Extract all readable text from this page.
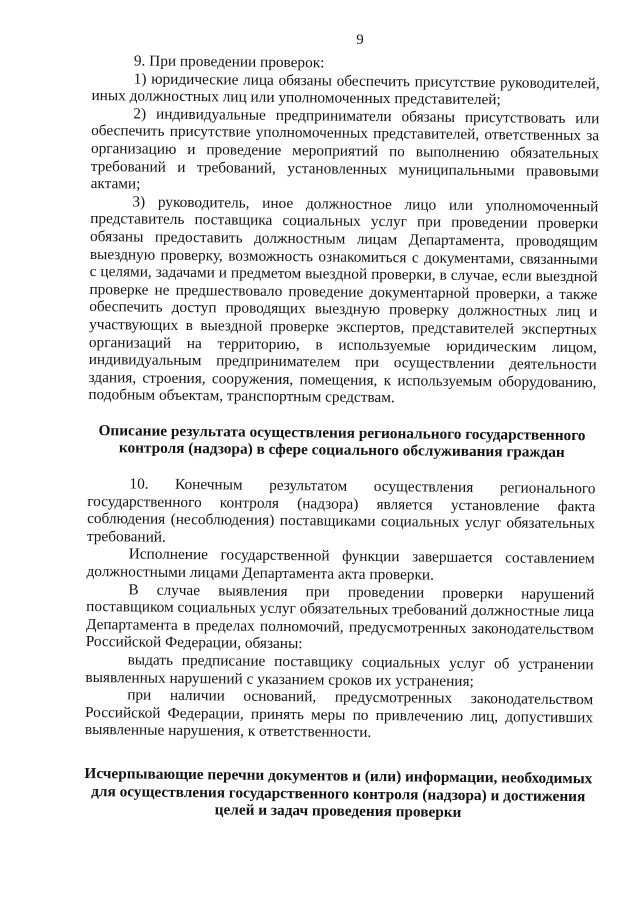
9

9. При проведении проверок:

1) юридические лица обязаны обеспечить присутствие руководителей, иных должностных лиц или уполномоченных представителей;

2) индивидуальные предприниматели обязаны присутствовать или обеспечить присутствие уполномоченных представителей, ответственных за организацию и проведение мероприятий по выполнению обязательных требований и требований, установленных муниципальными правовыми актами;

3) руководитель, иное должностное лицо или уполномоченный представитель поставщика социальных услуг при проведении проверки обязаны предоставить должностным лицам Департамента, проводящим выездную проверку, возможность ознакомиться с документами, связанными с целями, задачами и предметом выездной проверки, в случае, если выездной проверке не предшествовало проведение документарной проверки, а также обеспечить доступ проводящих выездную проверку должностных лиц и участвующих в выездной проверке экспертов, представителей экспертных организаций на территорию, в используемые юридическим лицом, индивидуальным предпринимателем при осуществлении деятельности здания, строения, сооружения, помещения, к используемым оборудованию, подобным объектам, транспортным средствам.

Описание результата осуществления регионального государственного контроля (надзора) в сфере социального обслуживания граждан

10. Конечным результатом осуществления регионального государственного контроля (надзора) является установление факта соблюдения (несоблюдения) поставщиками социальных услуг обязательных требований.

Исполнение государственной функции завершается составлением должностными лицами Департамента акта проверки.

В случае выявления при проведении проверки нарушений поставщиком социальных услуг обязательных требований должностные лица Департамента в пределах полномочий, предусмотренных законодательством Российской Федерации, обязаны:

выдать предписание поставщику социальных услуг об устранении выявленных нарушений с указанием сроков их устранения;

при наличии оснований, предусмотренных законодательством Российской Федерации, принять меры по привлечению лиц, допустивших выявленные нарушения, к ответственности.

Исчерпывающие перечни документов и (или) информации, необходимых для осуществления государственного контроля (надзора) и достижения целей и задач проведения проверки
